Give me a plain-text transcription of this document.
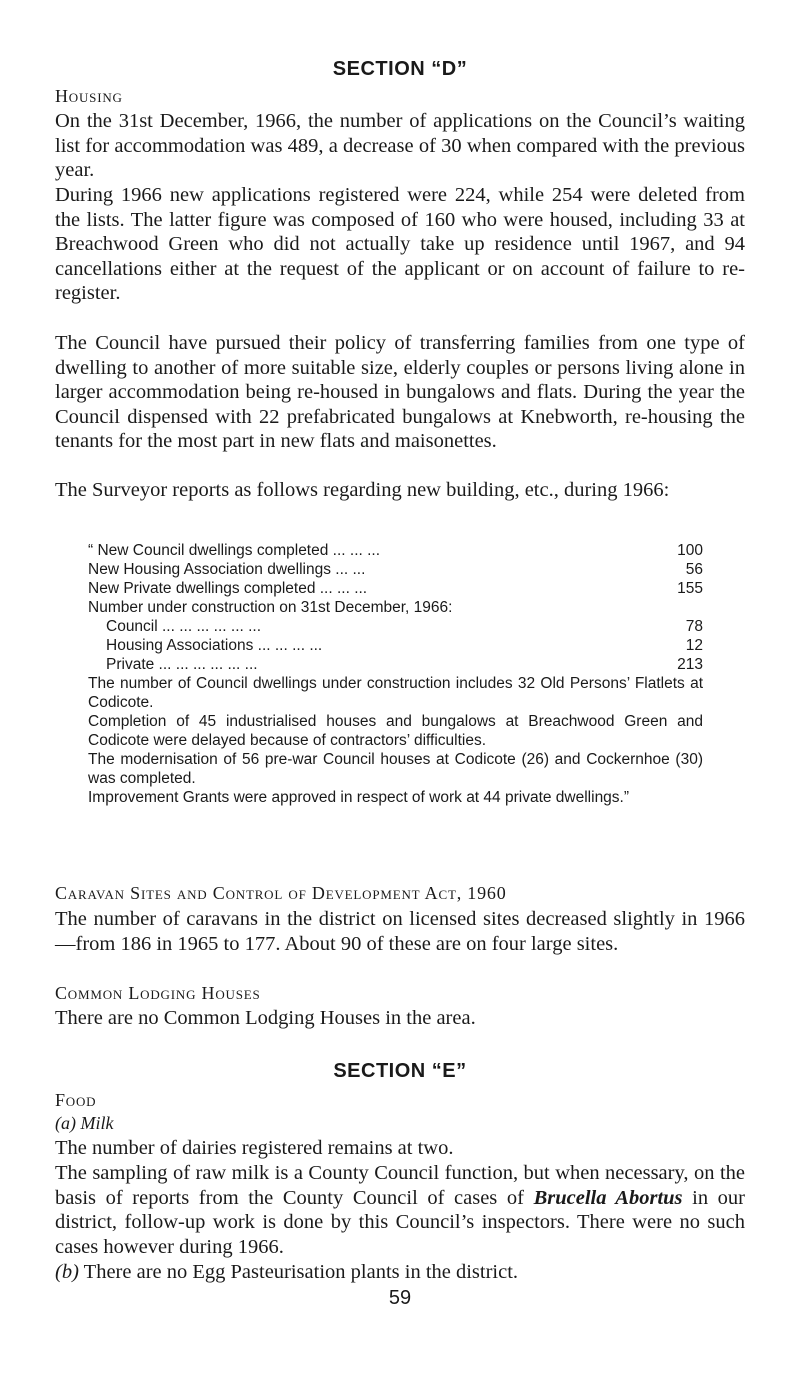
SECTION “D”
Housing

On the 31st December, 1966, the number of applications on the Council’s waiting list for accommodation was 489, a decrease of 30 when compared with the previous year.

During 1966 new applications registered were 224, while 254 were deleted from the lists. The latter figure was composed of 160 who were housed, including 33 at Breachwood Green who did not actually take up residence until 1967, and 94 cancellations either at the request of the applicant or on account of failure to re-register.

The Council have pursued their policy of transferring families from one type of dwelling to another of more suitable size, elderly couples or persons living alone in larger accommodation being re-housed in bungalows and flats. During the year the Council dispensed with 22 prefabricated bungalows at Knebworth, re-housing the tenants for the most part in new flats and maisonettes.

The Surveyor reports as follows regarding new building, etc., during 1966:

“ New Council dwellings completed ... ... ...	100
New Housing Association dwellings ... ...	56
New Private dwellings completed ... ... ...	155
Number under construction on 31st December, 1966:
Council ... ... ... ... ... ...	78
Housing Associations ... ... ... ...	12
Private ... ... ... ... ... ...	213

The number of Council dwellings under construction includes 32 Old Persons’ Flatlets at Codicote.

Completion of 45 industrialised houses and bungalows at Breachwood Green and Codicote were delayed because of contractors’ difficulties.

The modernisation of 56 pre-war Council houses at Codicote (26) and Cockernhoe (30) was completed.

Improvement Grants were approved in respect of work at 44 private dwellings.”

Caravan Sites and Control of Development Act, 1960

The number of caravans in the district on licensed sites decreased slightly in 1966—from 186 in 1965 to 177. About 90 of these are on four large sites.

Common Lodging Houses

There are no Common Lodging Houses in the area.

SECTION “E”
Food
(a) Milk

The number of dairies registered remains at two.

The sampling of raw milk is a County Council function, but when necessary, on the basis of reports from the County Council of cases of Brucella Abortus in our district, follow-up work is done by this Council’s inspectors. There were no such cases however during 1966.

(b) There are no Egg Pasteurisation plants in the district.

59
